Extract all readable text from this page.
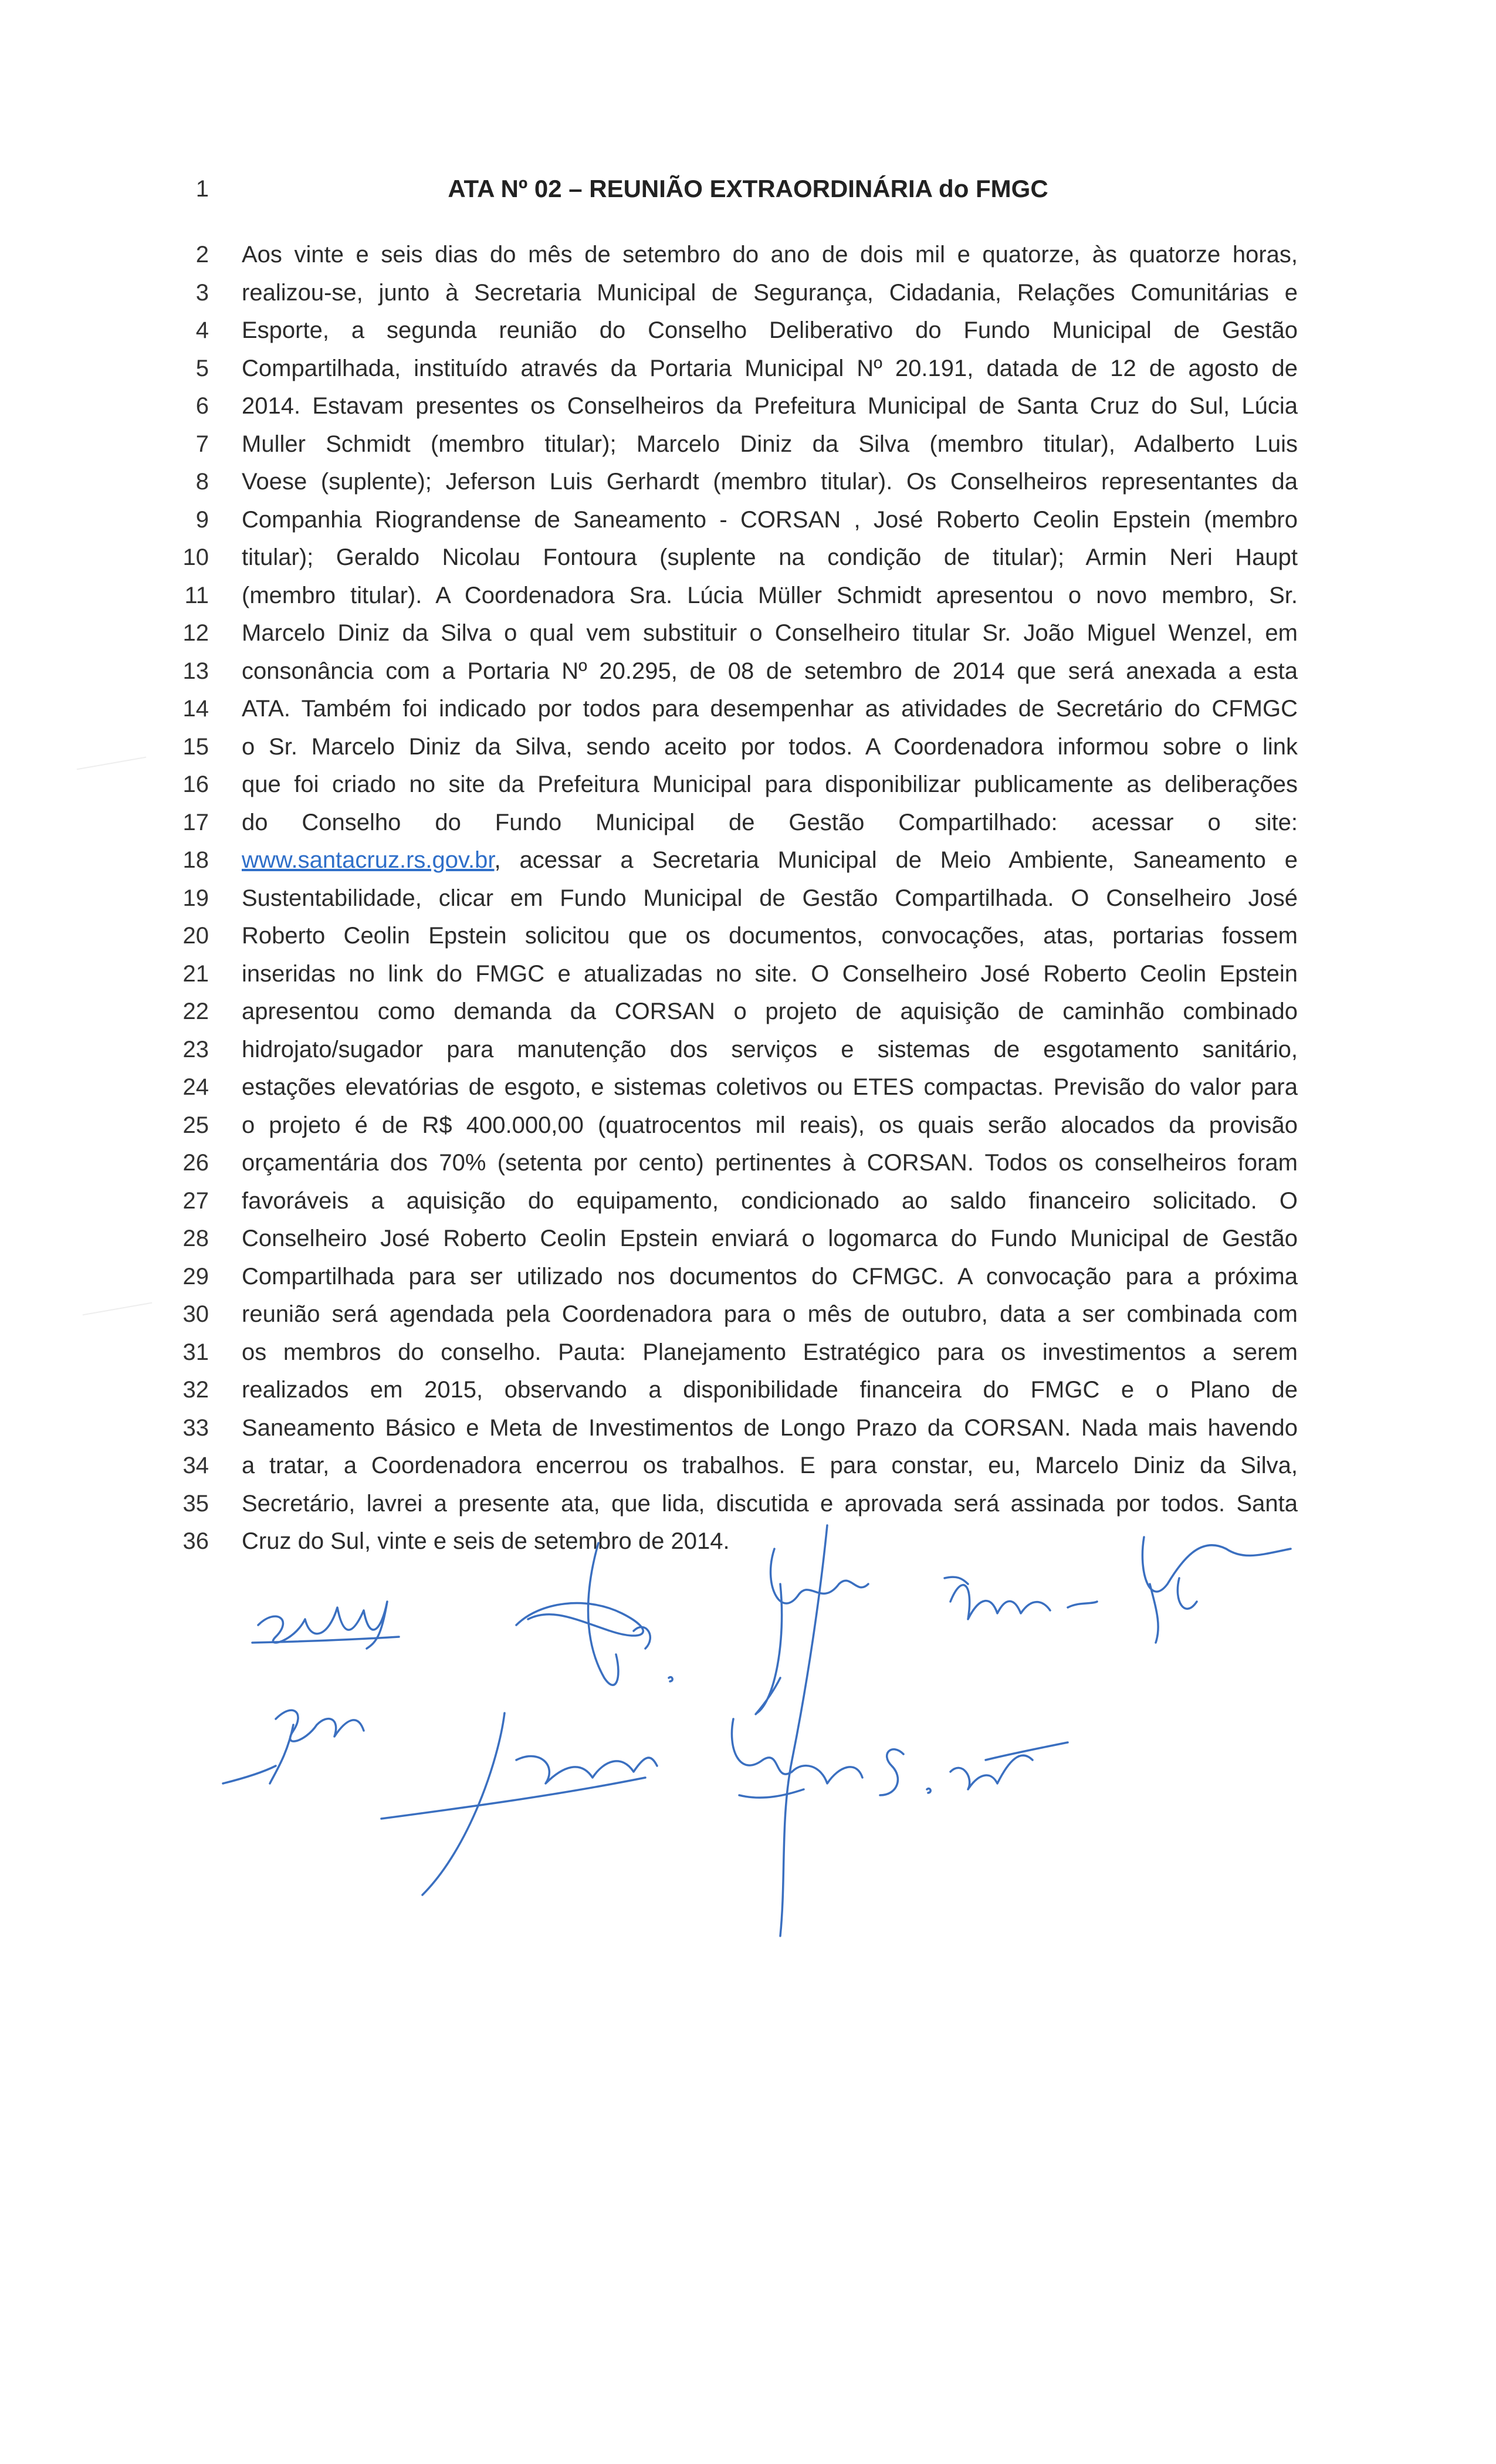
ATA Nº 02 – REUNIÃO EXTRAORDINÁRIA do FMGC
1
2 Aos vinte e seis dias do mês de setembro do ano de dois mil e quatorze, às quatorze horas,
3 realizou-se, junto à Secretaria Municipal de Segurança, Cidadania, Relações Comunitárias e
4 Esporte, a segunda reunião do Conselho Deliberativo do Fundo Municipal de Gestão
5 Compartilhada, instituído através da Portaria Municipal Nº 20.191, datada de 12 de agosto de
6 2014. Estavam presentes os Conselheiros da Prefeitura Municipal de Santa Cruz do Sul, Lúcia
7 Muller Schmidt (membro titular); Marcelo Diniz da Silva (membro titular), Adalberto Luis
8 Voese (suplente); Jeferson Luis Gerhardt (membro titular). Os Conselheiros representantes da
9 Companhia Riograndense de Saneamento - CORSAN , José Roberto Ceolin Epstein (membro
10 titular); Geraldo Nicolau Fontoura (suplente na condição de titular); Armin Neri Haupt
11 (membro titular). A Coordenadora Sra. Lúcia Müller Schmidt apresentou o novo membro, Sr.
12 Marcelo Diniz da Silva o qual vem substituir o Conselheiro titular Sr. João Miguel Wenzel, em
13 consonância com a Portaria Nº 20.295, de 08 de setembro de 2014 que será anexada a esta
14 ATA. Também foi indicado por todos para desempenhar as atividades de Secretário do CFMGC
15 o Sr. Marcelo Diniz da Silva, sendo aceito por todos. A Coordenadora informou sobre o link
16 que foi criado no site da Prefeitura Municipal para disponibilizar publicamente as deliberações
17 do Conselho do Fundo Municipal de Gestão Compartilhado: acessar o site:
18 www.santacruz.rs.gov.br, acessar a Secretaria Municipal de Meio Ambiente, Saneamento e
19 Sustentabilidade, clicar em Fundo Municipal de Gestão Compartilhada. O Conselheiro José
20 Roberto Ceolin Epstein solicitou que os documentos, convocações, atas, portarias fossem
21 inseridas no link do FMGC e atualizadas no site. O Conselheiro José Roberto Ceolin Epstein
22 apresentou como demanda da CORSAN o projeto de aquisição de caminhão combinado
23 hidrojato/sugador para manutenção dos serviços e sistemas de esgotamento sanitário,
24 estações elevatórias de esgoto, e sistemas coletivos ou ETES compactas. Previsão do valor para
25 o projeto é de R$ 400.000,00 (quatrocentos mil reais), os quais serão alocados da provisão
26 orçamentária dos 70% (setenta por cento) pertinentes à CORSAN. Todos os conselheiros foram
27 favoráveis a aquisição do equipamento, condicionado ao saldo financeiro solicitado. O
28 Conselheiro José Roberto Ceolin Epstein enviará o logomarca do Fundo Municipal de Gestão
29 Compartilhada para ser utilizado nos documentos do CFMGC. A convocação para a próxima
30 reunião será agendada pela Coordenadora para o mês de outubro, data a ser combinada com
31 os membros do conselho. Pauta: Planejamento Estratégico para os investimentos a serem
32 realizados em 2015, observando a disponibilidade financeira do FMGC e o Plano de
33 Saneamento Básico e Meta de Investimentos de Longo Prazo da CORSAN. Nada mais havendo
34 a tratar, a Coordenadora encerrou os trabalhos. E para constar, eu, Marcelo Diniz da Silva,
35 Secretário, lavrei a presente ata, que lida, discutida e aprovada será assinada por todos. Santa
36 Cruz do Sul, vinte e seis de setembro de 2014.
